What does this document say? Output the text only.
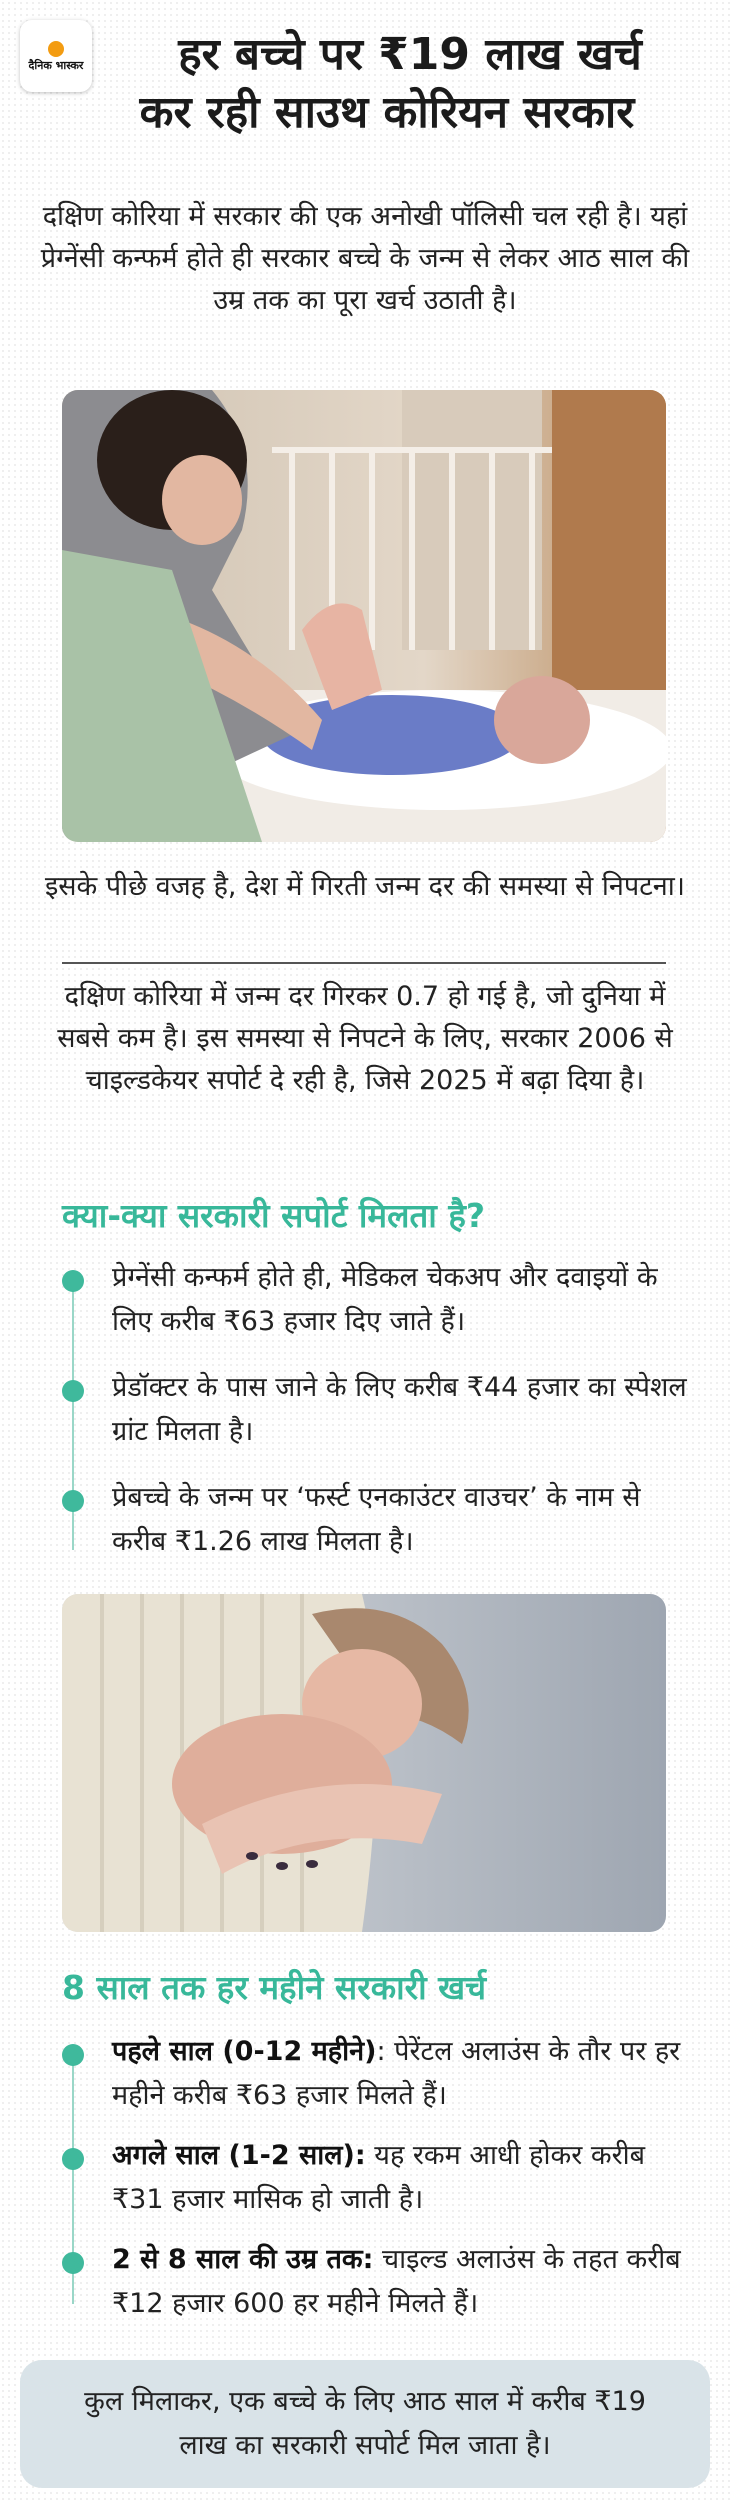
दैनिक भास्कर	हर बच्चे पर ₹19 लाख खर्च
कर रही साउथ कोरियन सरकार
दक्षिण कोरिया में सरकार की एक अनोखी पॉलिसी चल रही है। यहां प्रेग्नेंसी कन्फर्म होते ही सरकार बच्चे के जन्म से लेकर आठ साल की उम्र तक का पूरा खर्च उठाती है।
इसके पीछे वजह है, देश में गिरती जन्म दर की समस्या से निपटना।
दक्षिण कोरिया में जन्म दर गिरकर 0.7 हो गई है, जो दुनिया में सबसे कम है। इस समस्या से निपटने के लिए, सरकार 2006 से चाइल्डकेयर सपोर्ट दे रही है, जिसे 2025 में बढ़ा दिया है।
क्या-क्या सरकारी सपोर्ट मिलता है?
प्रेग्नेंसी कन्फर्म होते ही, मेडिकल चेकअप और दवाइयों के लिए करीब ₹63 हजार दिए जाते हैं।
प्रेडॉक्टर के पास जाने के लिए करीब ₹44 हजार का स्पेशल ग्रांट मिलता है।
प्रेबच्चे के जन्म पर ‘फर्स्ट एनकाउंटर वाउचर’ के नाम से करीब ₹1.26 लाख मिलता है।
8 साल तक हर महीने सरकारी खर्च
पहले साल (0-12 महीने): पेरेंटल अलाउंस के तौर पर हर महीने करीब ₹63 हजार मिलते हैं।
अगले साल (1-2 साल): यह रकम आधी होकर करीब ₹31 हजार मासिक हो जाती है।
2 से 8 साल की उम्र तक: चाइल्ड अलाउंस के तहत करीब ₹12 हजार 600 हर महीने मिलते हैं।
कुल मिलाकर, एक बच्चे के लिए आठ साल में करीब ₹19 लाख का सरकारी सपोर्ट मिल जाता है।
